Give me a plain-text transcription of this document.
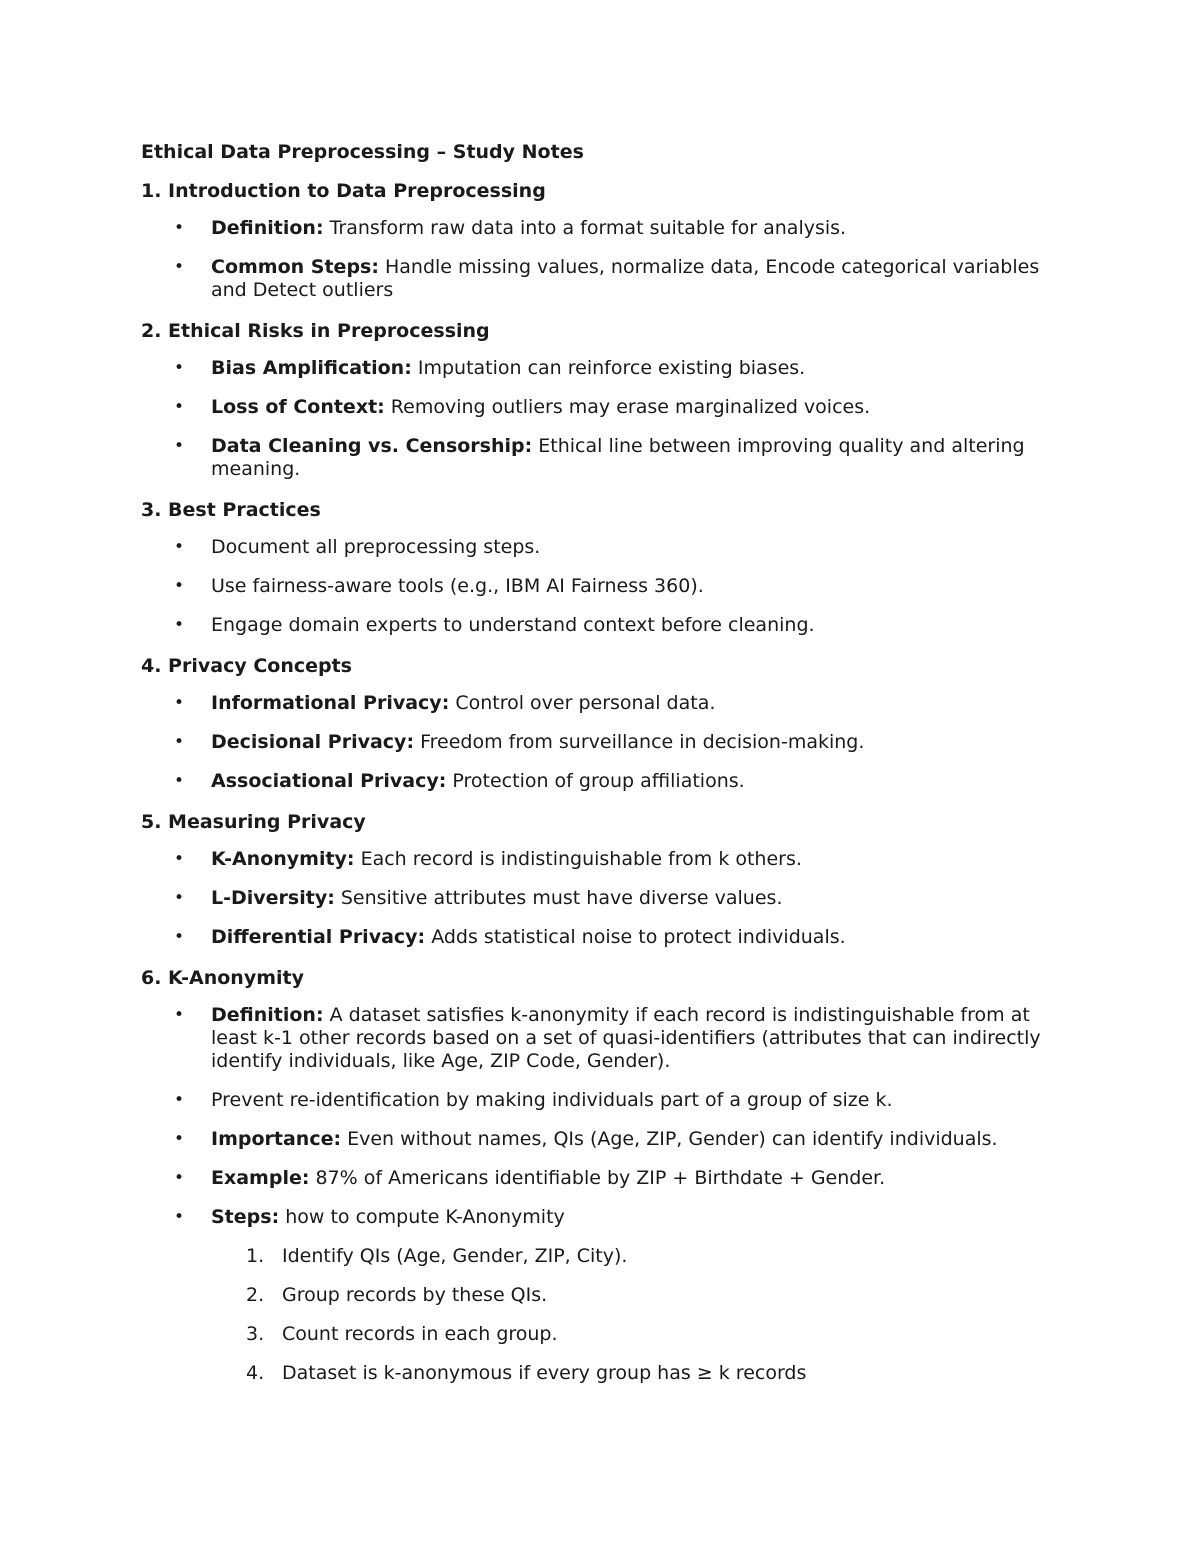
Ethical Data Preprocessing – Study Notes

1. Introduction to Data Preprocessing

• Definition: Transform raw data into a format suitable for analysis.
• Common Steps: Handle missing values, normalize data, Encode categorical variables and Detect outliers

2. Ethical Risks in Preprocessing

• Bias Amplification: Imputation can reinforce existing biases.
• Loss of Context: Removing outliers may erase marginalized voices.
• Data Cleaning vs. Censorship: Ethical line between improving quality and altering meaning.

3. Best Practices

• Document all preprocessing steps.
• Use fairness-aware tools (e.g., IBM AI Fairness 360).
• Engage domain experts to understand context before cleaning.

4. Privacy Concepts

• Informational Privacy: Control over personal data.
• Decisional Privacy: Freedom from surveillance in decision-making.
• Associational Privacy: Protection of group affiliations.

5. Measuring Privacy

• K-Anonymity: Each record is indistinguishable from k others.
• L-Diversity: Sensitive attributes must have diverse values.
• Differential Privacy: Adds statistical noise to protect individuals.

6. K-Anonymity

• Definition: A dataset satisfies k-anonymity if each record is indistinguishable from at least k-1 other records based on a set of quasi-identifiers (attributes that can indirectly identify individuals, like Age, ZIP Code, Gender).
• Prevent re-identification by making individuals part of a group of size k.
• Importance: Even without names, QIs (Age, ZIP, Gender) can identify individuals.
• Example: 87% of Americans identifiable by ZIP + Birthdate + Gender.
• Steps: how to compute K-Anonymity
1. Identify QIs (Age, Gender, ZIP, City).
2. Group records by these QIs.
3. Count records in each group.
4. Dataset is k-anonymous if every group has ≥ k records
